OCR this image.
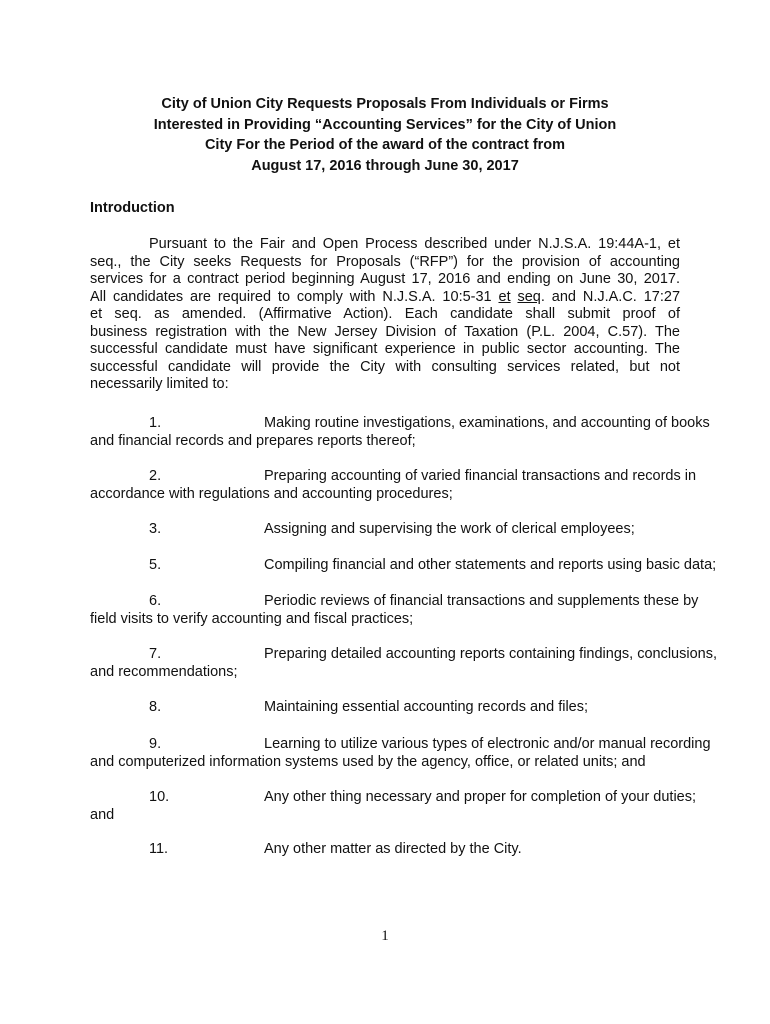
City of Union City Requests Proposals From Individuals or Firms
Interested in Providing “Accounting Services” for the City of Union
City For the Period of the award of the contract from
August 17, 2016 through June 30, 2017
Introduction
Pursuant to the Fair and Open Process described under N.J.S.A. 19:44A-1, et
seq., the City seeks Requests for Proposals (“RFP”) for the provision of accounting
services for a contract period beginning August 17, 2016 and ending on June 30, 2017.
All candidates are required to comply with N.J.S.A. 10:5-31 et seq. and N.J.A.C. 17:27
et seq. as amended. (Affirmative Action). Each candidate shall submit proof of
business registration with the New Jersey Division of Taxation (P.L. 2004, C.57). The
successful candidate must have significant experience in public sector accounting. The
successful candidate will provide the City with consulting services related, but not
necessarily limited to:
1.	Making routine investigations, examinations, and accounting of books
and financial records and prepares reports thereof;
2.	Preparing accounting of varied financial transactions and records in
accordance with regulations and accounting procedures;
3.	Assigning and supervising the work of clerical employees;
5.	Compiling financial and other statements and reports using basic data;
6.	Periodic reviews of financial transactions and supplements these by
field visits to verify accounting and fiscal practices;
7.	Preparing detailed accounting reports containing findings, conclusions,
and recommendations;
8.	Maintaining essential accounting records and files;
9.	Learning to utilize various types of electronic and/or manual recording
and computerized information systems used by the agency, office, or related units; and
10.	Any other thing necessary and proper for completion of your duties;
and
11.	Any other matter as directed by the City.
1
